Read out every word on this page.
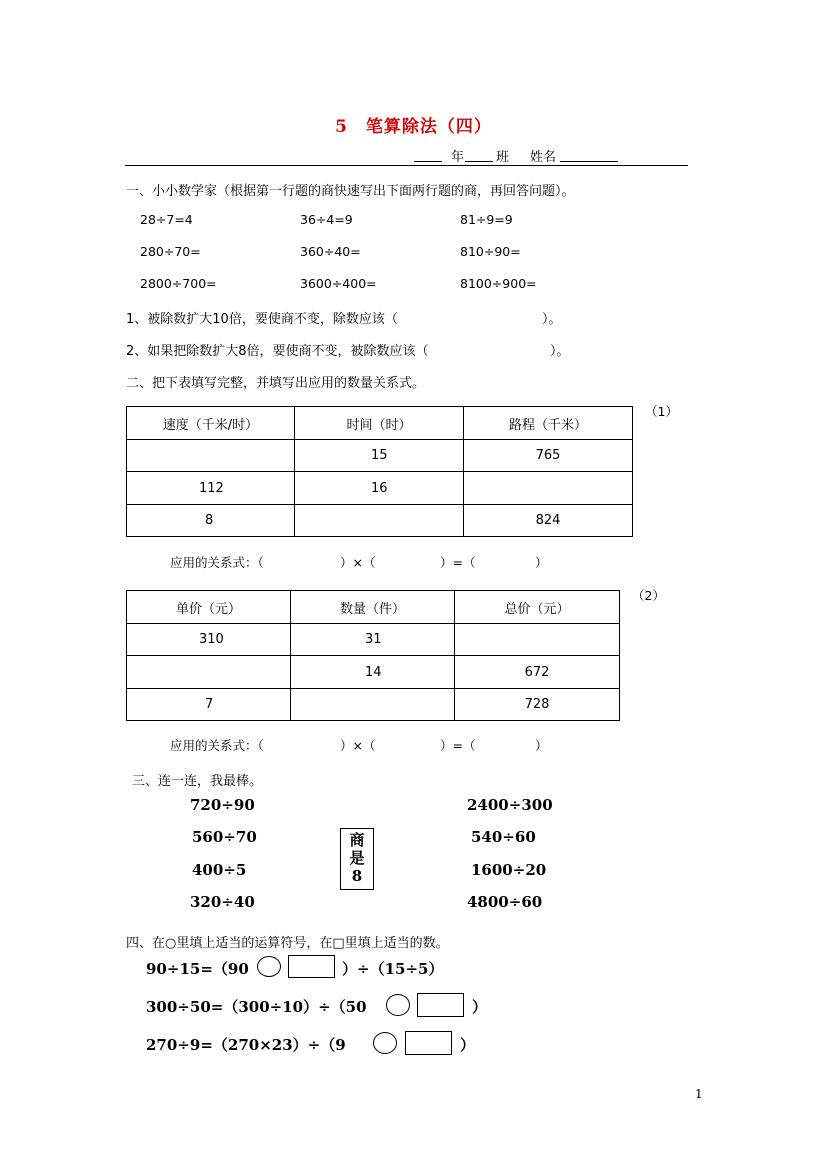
5　笔算除法（四）
年 班 姓名
一、小小数学家（根据第一行题的商快速写出下面两行题的商，再回答问题）。
28÷7=4	36÷4=9	81÷9=9
280÷70=	360÷40=	810÷90=
2800÷700=	3600÷400=	8100÷900=
1、被除数扩大10倍，要使商不变，除数应该（	）。
2、如果把除数扩大8倍，要使商不变，被除数应该（	）。
二、把下表填写完整，并填写出应用的数量关系式。
速度（千米/时）	时间（时）	路程（千米）
	15	765
112	16	
8		824
（1）
应用的关系式：（	）×（	）=（	）
单价（元）	数量（件）	总价（元）
310	31	
	14	672
7		728
（2）
应用的关系式：（	）×（	）=（	）
三、连一连，我最棒。
720÷90
560÷70
400÷5
320÷40
商
是
8
2400÷300
540÷60
1600÷20
4800÷60
四、在○里填上适当的运算符号，在□里填上适当的数。
90÷15=（90	）÷（15÷5）
300÷50=（300÷10）÷（50	）
270÷9=（270×23）÷（9	）
1
